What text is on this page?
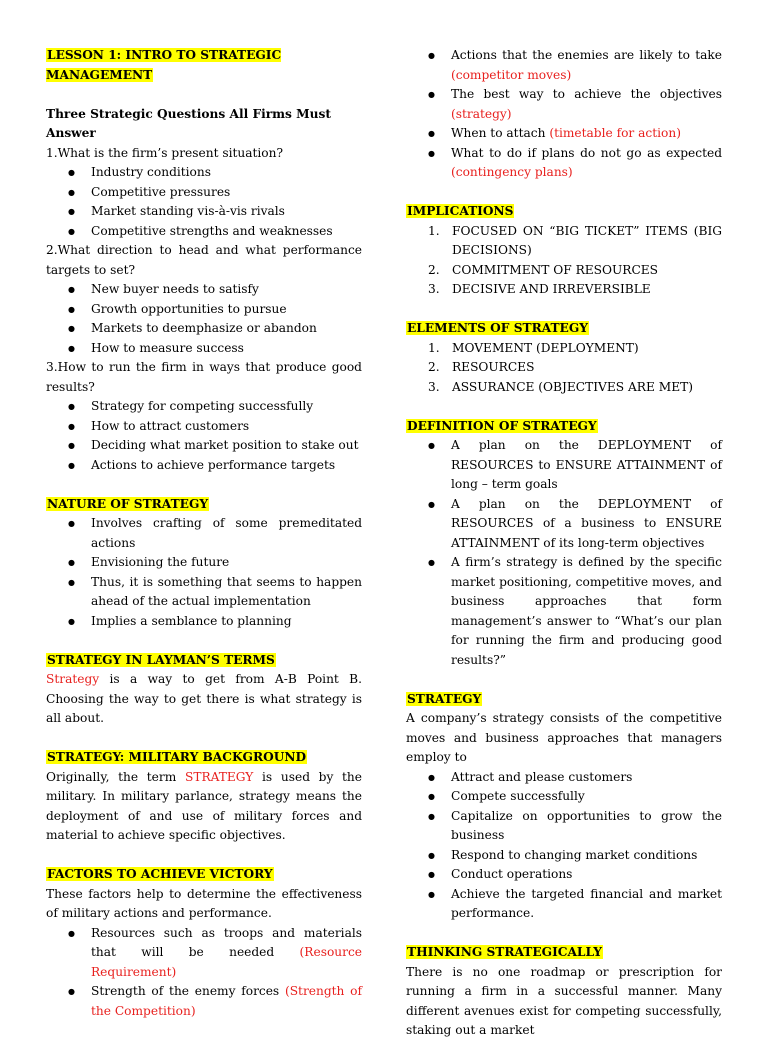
LESSON 1: INTRO TO STRATEGIC MANAGEMENT

Three Strategic Questions All Firms Must Answer

1.What is the firm’s present situation?

● Industry conditions
● Competitive pressures
● Market standing vis-à-vis rivals
● Competitive strengths and weaknesses

2.What direction to head and what performance targets to set?

● New buyer needs to satisfy
● Growth opportunities to pursue
● Markets to deemphasize or abandon
● How to measure success

3.How to run the firm in ways that produce good results?

● Strategy for competing successfully
● How to attract customers
● Deciding what market position to stake out
● Actions to achieve performance targets
NATURE OF STRATEGY
● Involves crafting of some premeditated actions
● Envisioning the future
● Thus, it is something that seems to happen ahead of the actual implementation
● Implies a semblance to planning
STRATEGY IN LAYMAN’S TERMS

Strategy is a way to get from A-B Point B. Choosing the way to get there is what strategy is all about.

STRATEGY: MILITARY BACKGROUND

Originally, the term STRATEGY is used by the military. In military parlance, strategy means the deployment of and use of military forces and material to achieve specific objectives.

FACTORS TO ACHIEVE VICTORY

These factors help to determine the effectiveness of military actions and performance.

● Resources such as troops and materials that will be needed (Resource Requirement)
● Strength of the enemy forces (Strength of the Competition)
● Actions that the enemies are likely to take (competitor moves)
● The best way to achieve the objectives (strategy)
● When to attach (timetable for action)
● What to do if plans do not go as expected (contingency plans)
IMPLICATIONS
1. FOCUSED ON “BIG TICKET” ITEMS (BIG DECISIONS)
2. COMMITMENT OF RESOURCES
3. DECISIVE AND IRREVERSIBLE
ELEMENTS OF STRATEGY
1. MOVEMENT (DEPLOYMENT)
2. RESOURCES
3. ASSURANCE (OBJECTIVES ARE MET)
DEFINITION OF STRATEGY
● A plan on the DEPLOYMENT of RESOURCES to ENSURE ATTAINMENT of long – term goals
● A plan on the DEPLOYMENT of RESOURCES of a business to ENSURE ATTAINMENT of its long-term objectives
● A firm’s strategy is defined by the specific market positioning, competitive moves, and business approaches that form management’s answer to “What’s our plan for running the firm and producing good results?”
STRATEGY

A company’s strategy consists of the competitive moves and business approaches that managers employ to

● Attract and please customers
● Compete successfully
● Capitalize on opportunities to grow the business
● Respond to changing market conditions
● Conduct operations
● Achieve the targeted financial and market performance.
THINKING STRATEGICALLY

There is no one roadmap or prescription for running a firm in a successful manner. Many different avenues exist for competing successfully, staking out a market
